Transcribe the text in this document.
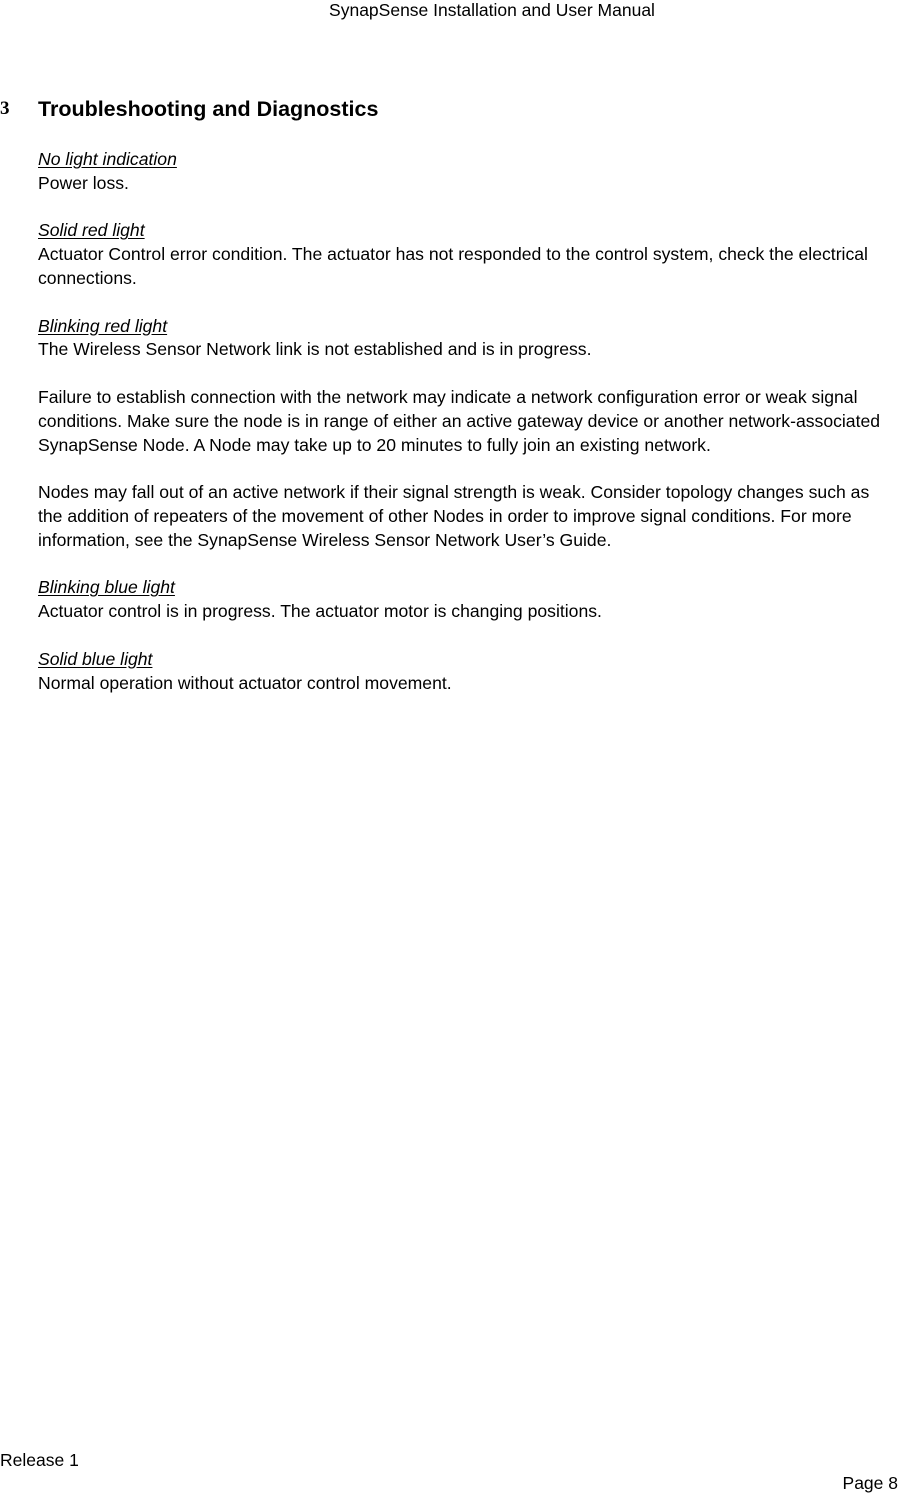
SynapSense Installation and User Manual
3 Troubleshooting and Diagnostics
No light indication
Power loss.
Solid red light
Actuator Control error condition. The actuator has not responded to the control system, check the electrical connections.
Blinking red light
The Wireless Sensor Network link is not established and is in progress.
Failure to establish connection with the network may indicate a network configuration error or weak signal conditions. Make sure the node is in range of either an active gateway device or another network-associated SynapSense Node. A Node may take up to 20 minutes to fully join an existing network.
Nodes may fall out of an active network if their signal strength is weak. Consider topology changes such as the addition of repeaters of the movement of other Nodes in order to improve signal conditions. For more information, see the SynapSense Wireless Sensor Network User’s Guide.
Blinking blue light
Actuator control is in progress. The actuator motor is changing positions.
Solid blue light
Normal operation without actuator control movement.
Release 1
Page 8
